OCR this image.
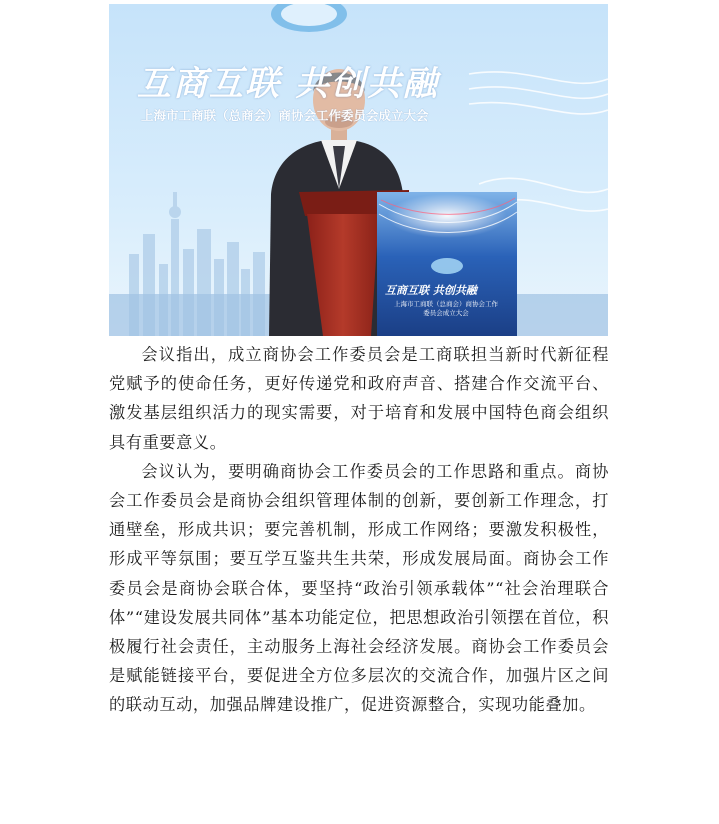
互商互联 共创共融
上海市工商联（总商会）商协会工作委员会成立大会
互商互联 共创共融
上海市工商联（总商会）商协会工作委员会成立大会

会议指出，成立商协会工作委员会是工商联担当新时代新征程党赋予的使命任务，更好传递党和政府声音、搭建合作交流平台、激发基层组织活力的现实需要，对于培育和发展中国特色商会组织具有重要意义。

会议认为，要明确商协会工作委员会的工作思路和重点。商协会工作委员会是商协会组织管理体制的创新，要创新工作理念，打通壁垒，形成共识；要完善机制，形成工作网络；要激发积极性，形成平等氛围；要互学互鉴共生共荣，形成发展局面。商协会工作委员会是商协会联合体，要坚持“政治引领承载体”“社会治理联合体”“建设发展共同体”基本功能定位，把思想政治引领摆在首位，积极履行社会责任，主动服务上海社会经济发展。商协会工作委员会是赋能链接平台，要促进全方位多层次的交流合作，加强片区之间的联动互动，加强品牌建设推广，促进资源整合，实现功能叠加。
